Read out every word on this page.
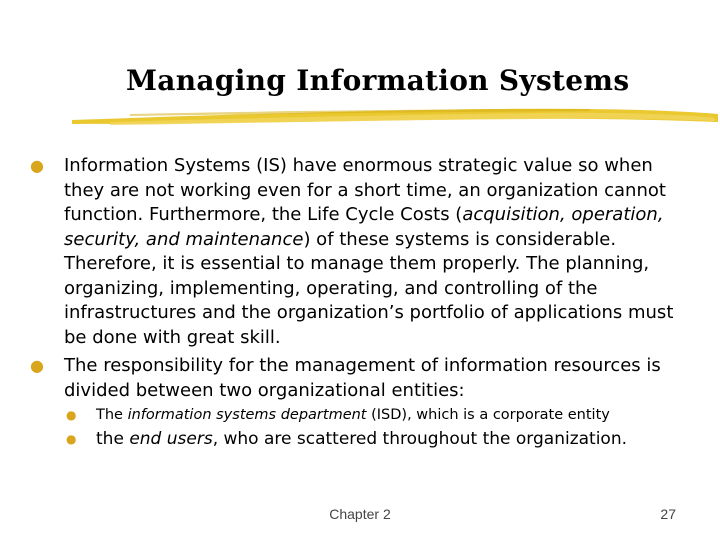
Managing Information Systems
● Information Systems (IS) have enormous strategic value so when they are not working even for a short time, an organization cannot function. Furthermore, the Life Cycle Costs (acquisition, operation, security, and maintenance) of these systems is considerable. Therefore, it is essential to manage them properly. The planning, organizing, implementing, operating, and controlling of the infrastructures and the organization’s portfolio of applications must be done with great skill.
● The responsibility for the management of information resources is divided between two organizational entities:
● The information systems department (ISD), which is a corporate entity
● the end users, who are scattered throughout the organization.
Chapter 2	27
